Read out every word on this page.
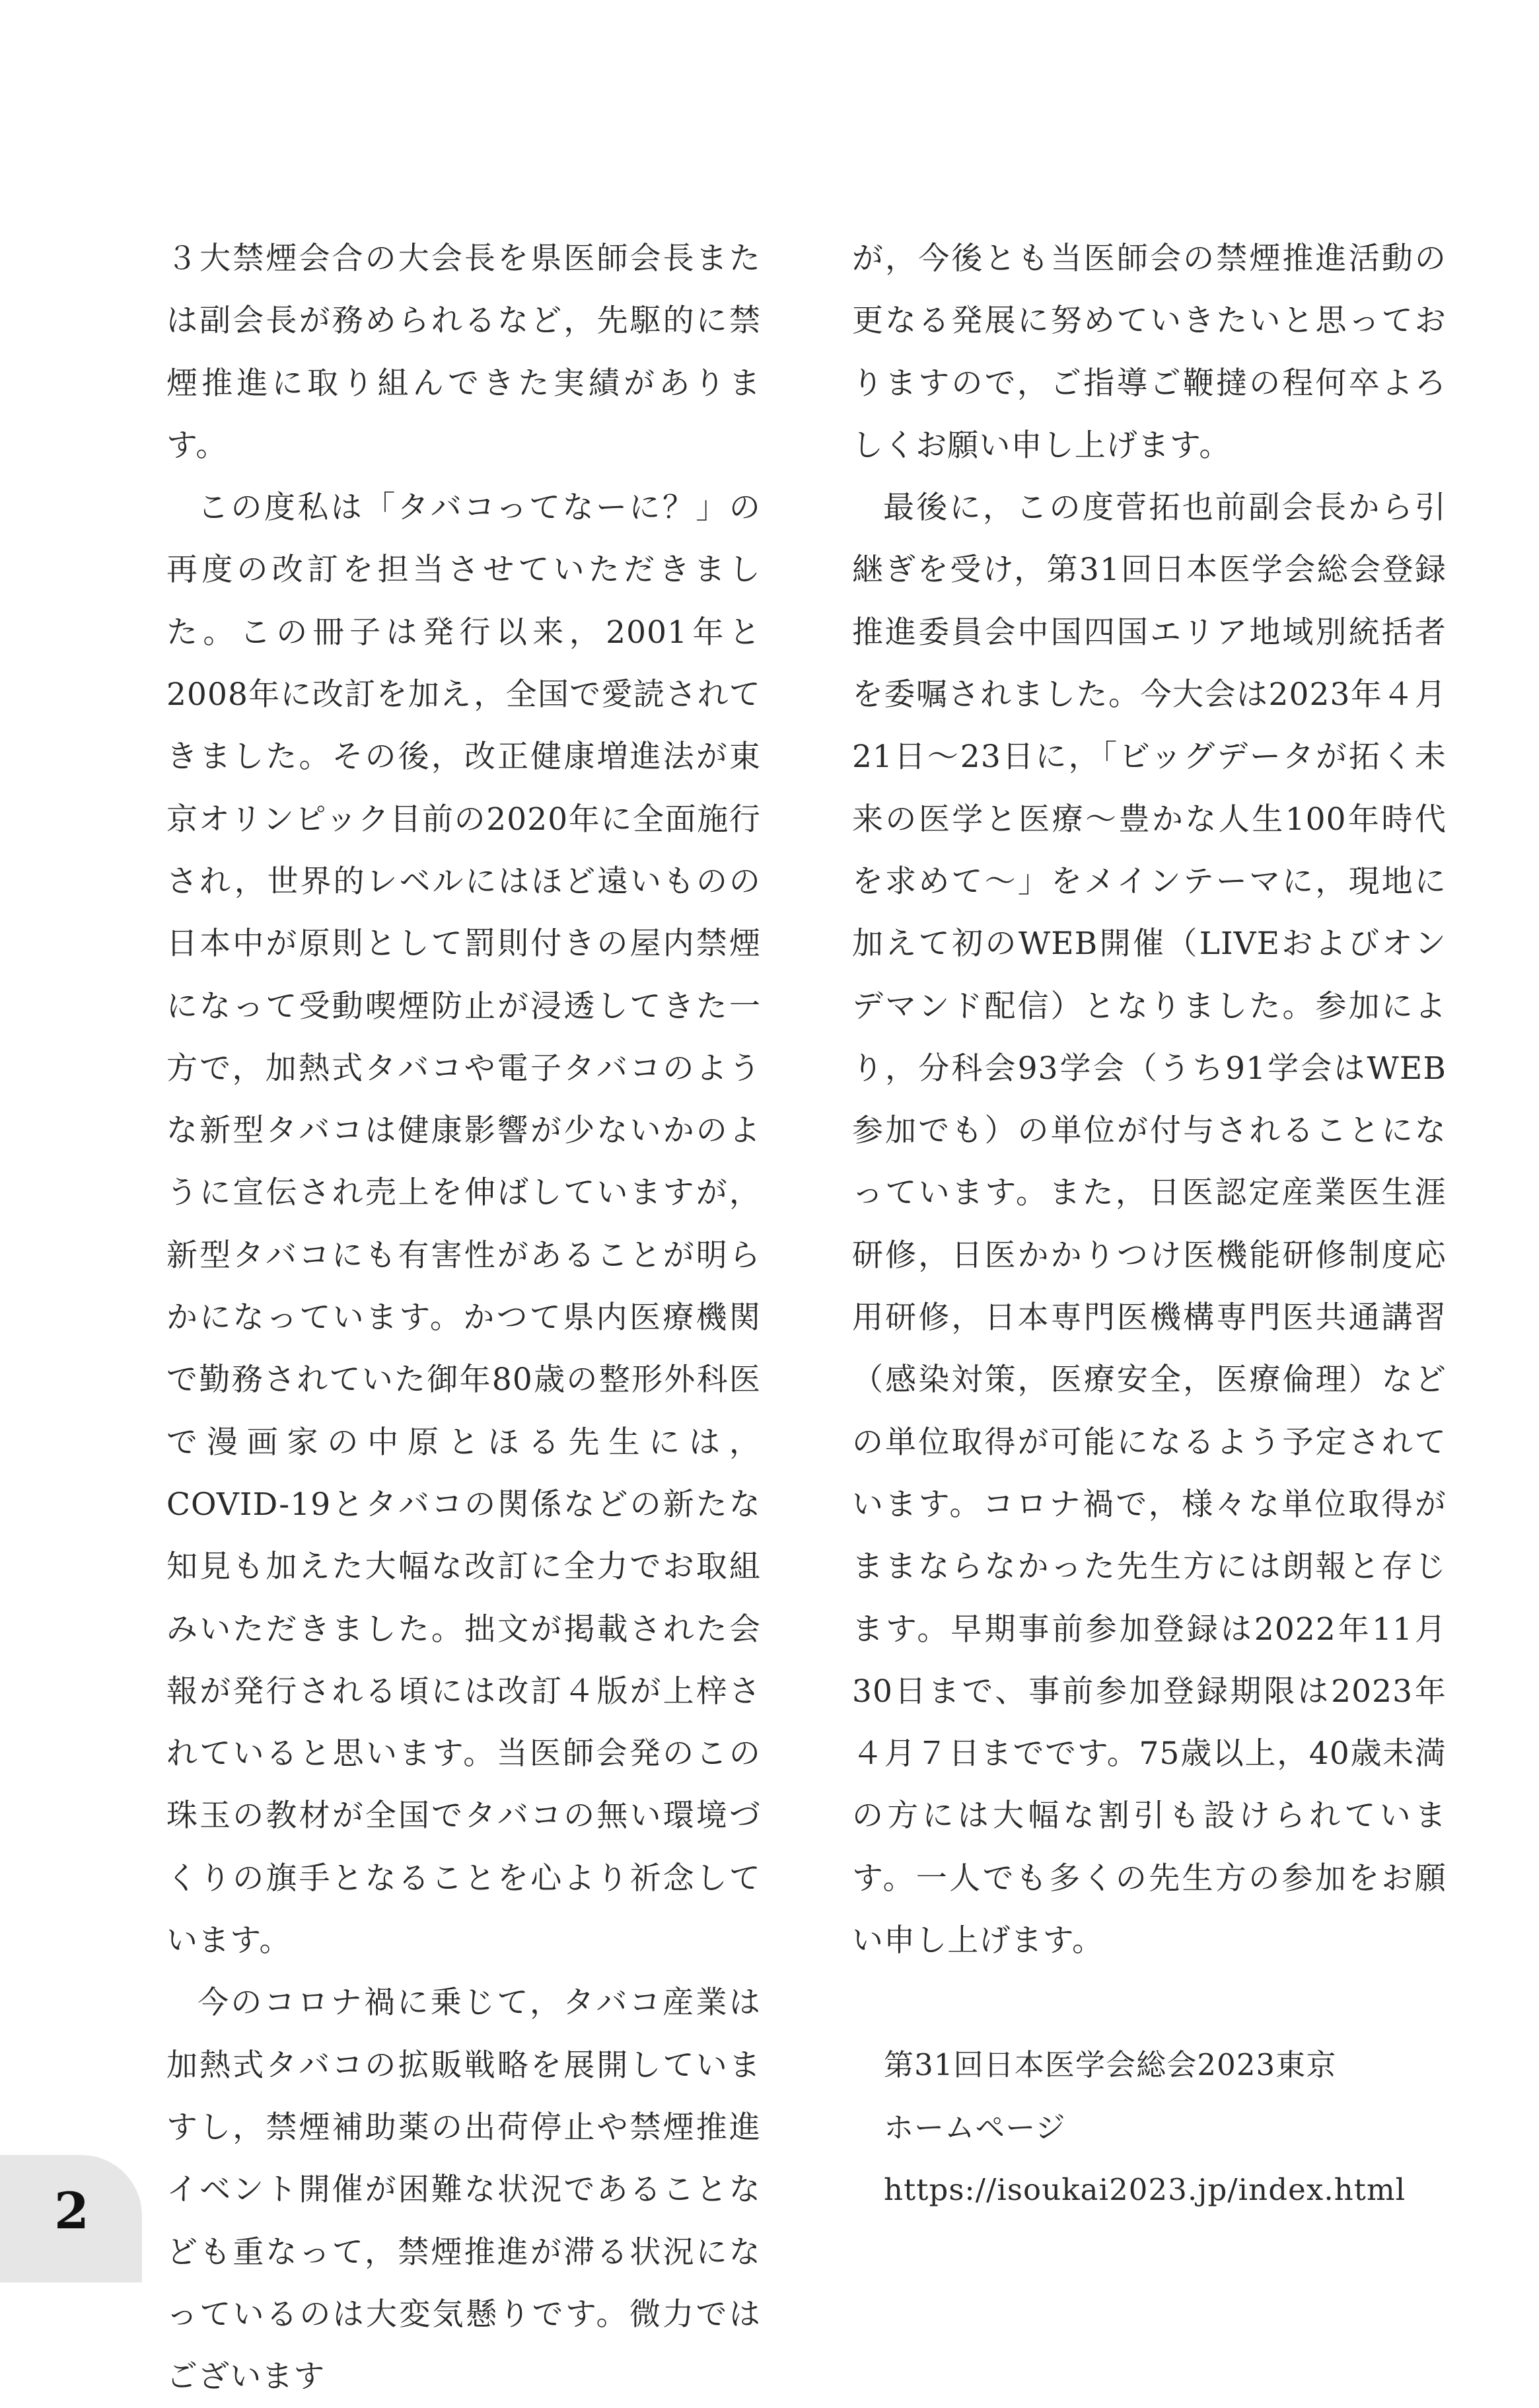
３大禁煙会合の大会長を県医師会長または副会長が務められるなど，先駆的に禁煙推進に取り組んできた実績があります。

この度私は「タバコってなーに？」の再度の改訂を担当させていただきました。この冊子は発行以来，2001年と2008年に改訂を加え，全国で愛読されてきました。その後，改正健康増進法が東京オリンピック目前の2020年に全面施行され，世界的レベルにはほど遠いものの日本中が原則として罰則付きの屋内禁煙になって受動喫煙防止が浸透してきた一方で，加熱式タバコや電子タバコのような新型タバコは健康影響が少ないかのように宣伝され売上を伸ばしていますが，新型タバコにも有害性があることが明らかになっています。かつて県内医療機関で勤務されていた御年80歳の整形外科医で漫画家の中原とほる先生には，COVID-19とタバコの関係などの新たな知見も加えた大幅な改訂に全力でお取組みいただきました。拙文が掲載された会報が発行される頃には改訂４版が上梓されていると思います。当医師会発のこの珠玉の教材が全国でタバコの無い環境づくりの旗手となることを心より祈念しています。

今のコロナ禍に乗じて，タバコ産業は加熱式タバコの拡販戦略を展開していますし，禁煙補助薬の出荷停止や禁煙推進イベント開催が困難な状況であることなども重なって，禁煙推進が滞る状況になっているのは大変気懸りです。微力ではございます

が，今後とも当医師会の禁煙推進活動の更なる発展に努めていきたいと思っておりますので，ご指導ご鞭撻の程何卒よろしくお願い申し上げます。

最後に，この度菅拓也前副会長から引継ぎを受け，第31回日本医学会総会登録推進委員会中国四国エリア地域別統括者を委嘱されました。今大会は2023年４月21日～23日に，「ビッグデータが拓く未来の医学と医療～豊かな人生100年時代を求めて～」をメインテーマに，現地に加えて初のWEB開催（LIVEおよびオンデマンド配信）となりました。参加により，分科会93学会（うち91学会はWEB参加でも）の単位が付与されることになっています。また，日医認定産業医生涯研修，日医かかりつけ医機能研修制度応用研修，日本専門医機構専門医共通講習（感染対策，医療安全，医療倫理）などの単位取得が可能になるよう予定されています。コロナ禍で，様々な単位取得がままならなかった先生方には朗報と存じます。早期事前参加登録は2022年11月30日まで、事前参加登録期限は2023年４月７日までです。75歳以上，40歳未満の方には大幅な割引も設けられています。一人でも多くの先生方の参加をお願い申し上げます。

第31回日本医学会総会2023東京
ホームページ
https://isoukai2023.jp/index.html
2
